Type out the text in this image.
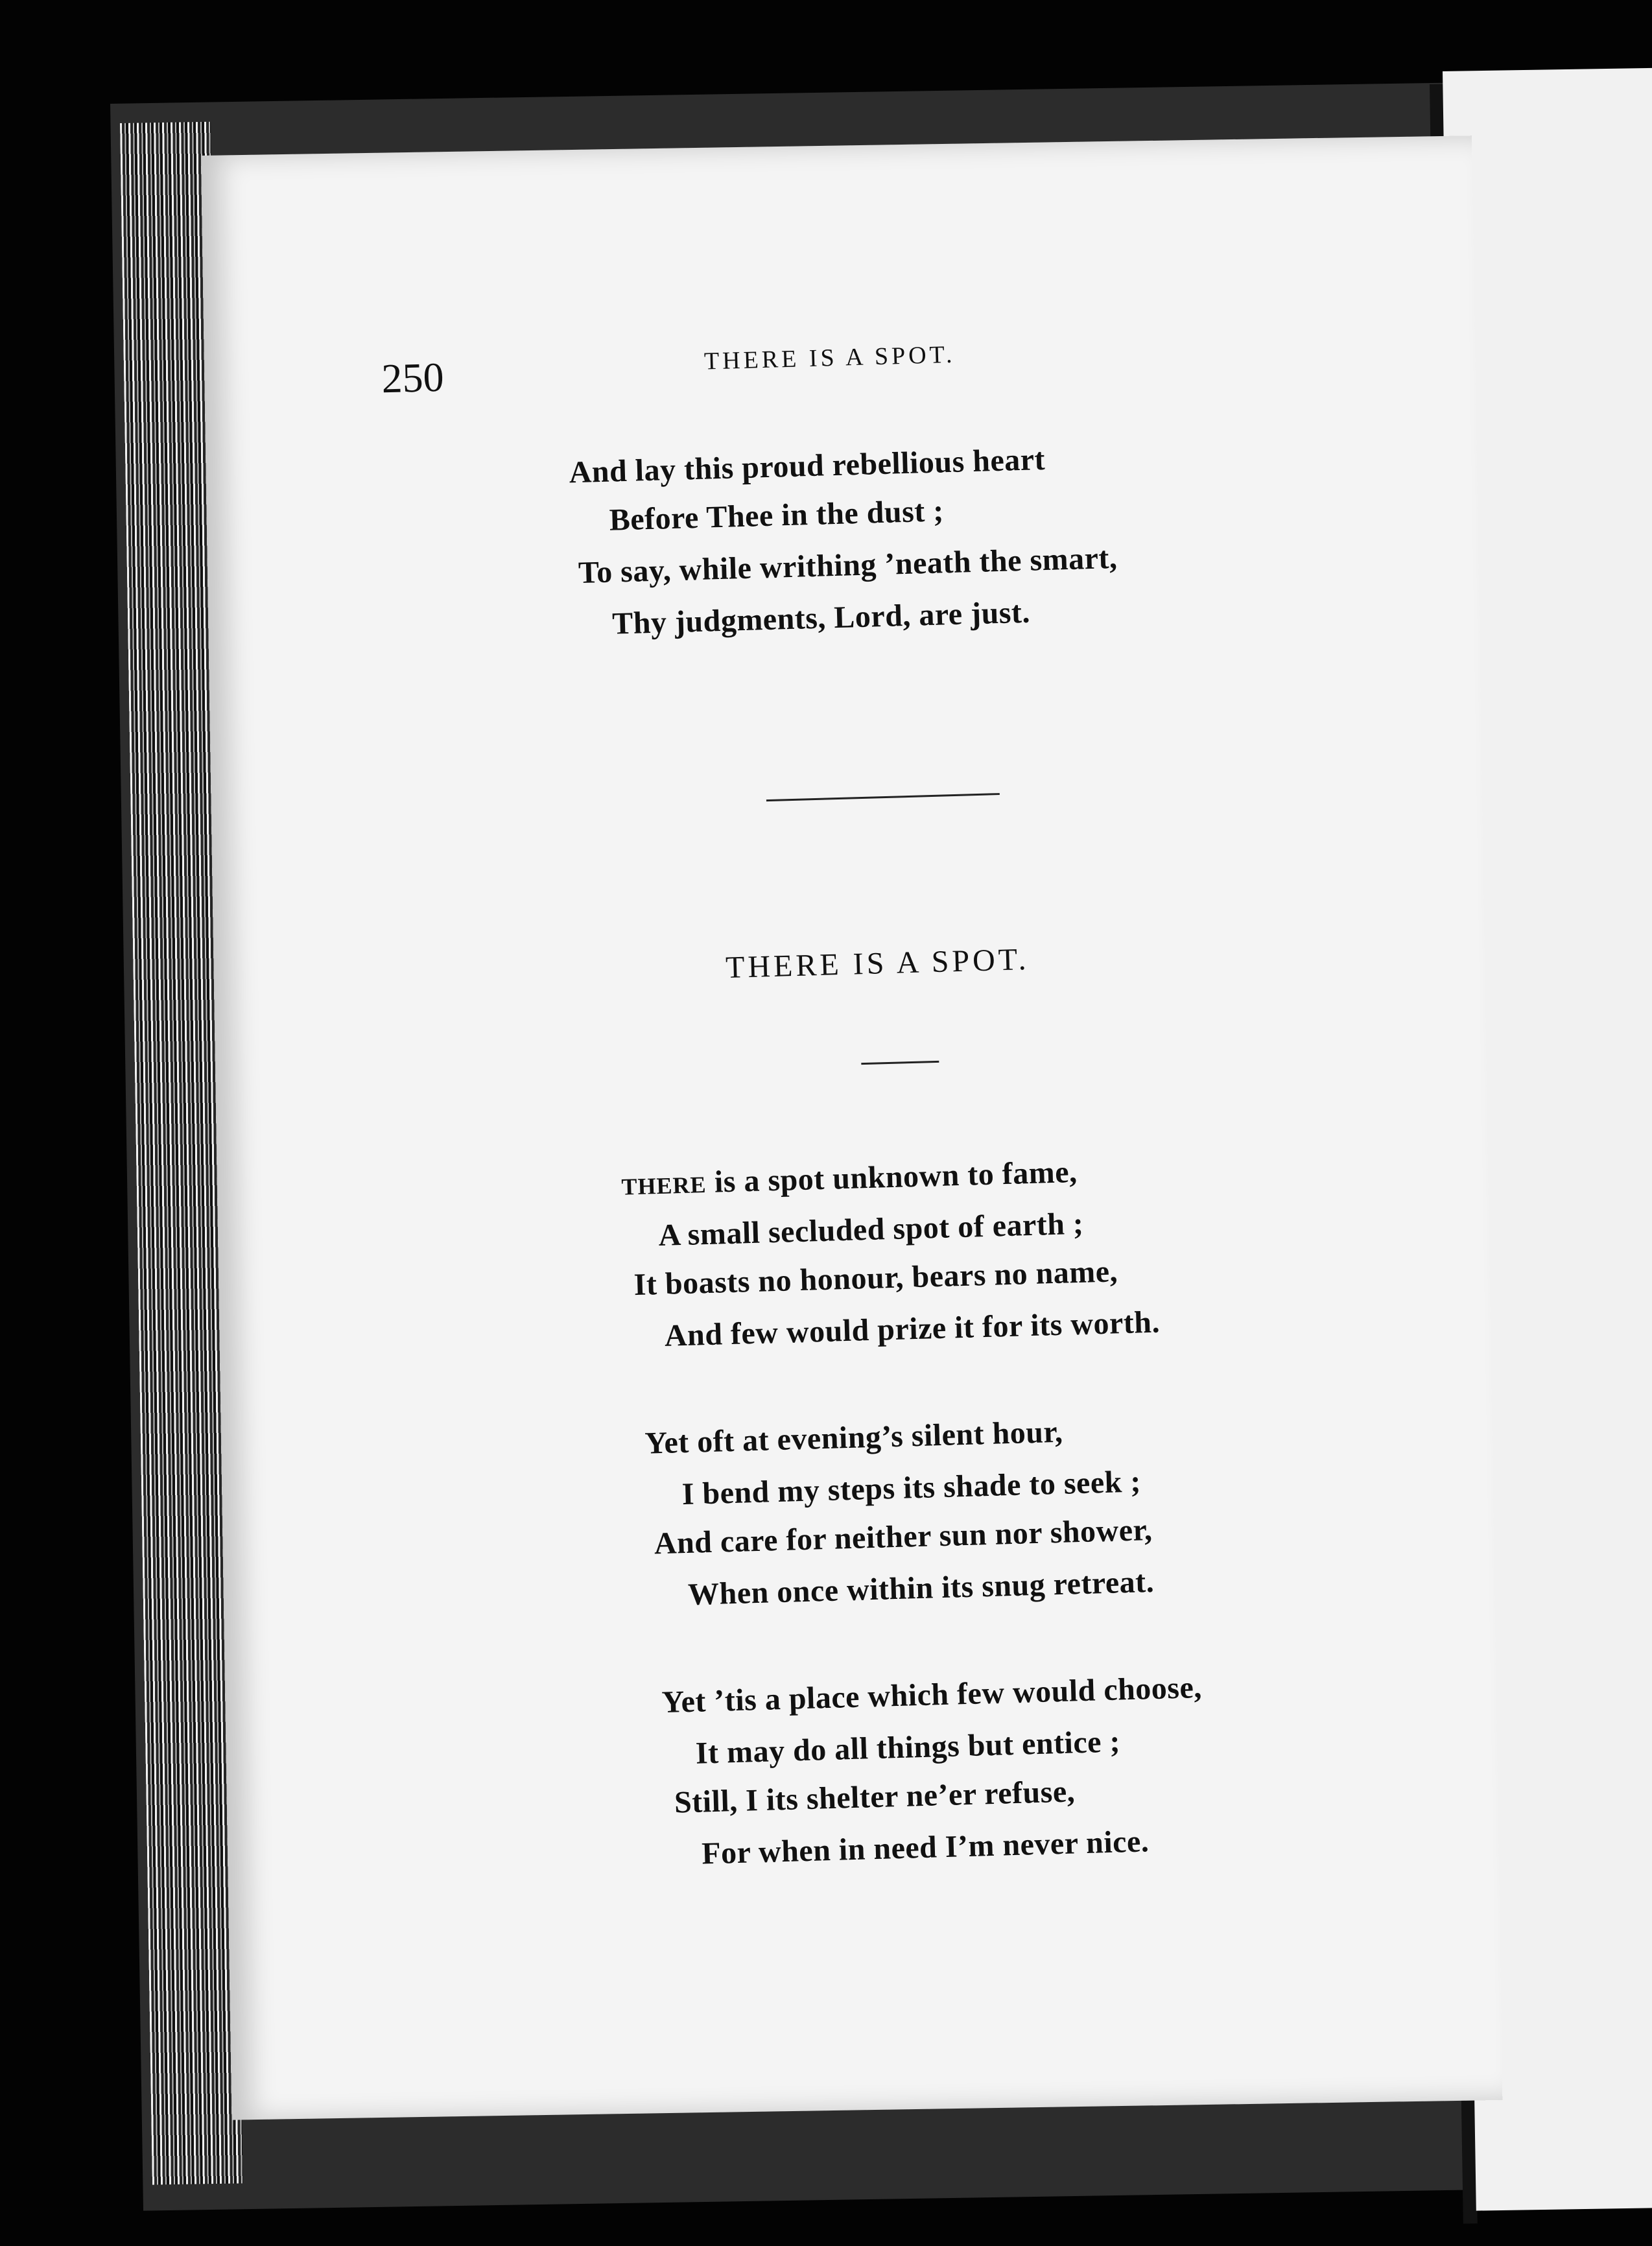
250	THERE IS A SPOT.
And lay this proud rebellious heart
Before Thee in the dust ;
To say, while writhing ’neath the smart,
Thy judgments, Lord, are just.
THERE IS A SPOT.
THERE is a spot unknown to fame,
A small secluded spot of earth ;
It boasts no honour, bears no name,
And few would prize it for its worth.
Yet oft at evening’s silent hour,
I bend my steps its shade to seek ;
And care for neither sun nor shower,
When once within its snug retreat.
Yet ’tis a place which few would choose,
It may do all things but entice ;
Still, I its shelter ne’er refuse,
For when in need I’m never nice.
